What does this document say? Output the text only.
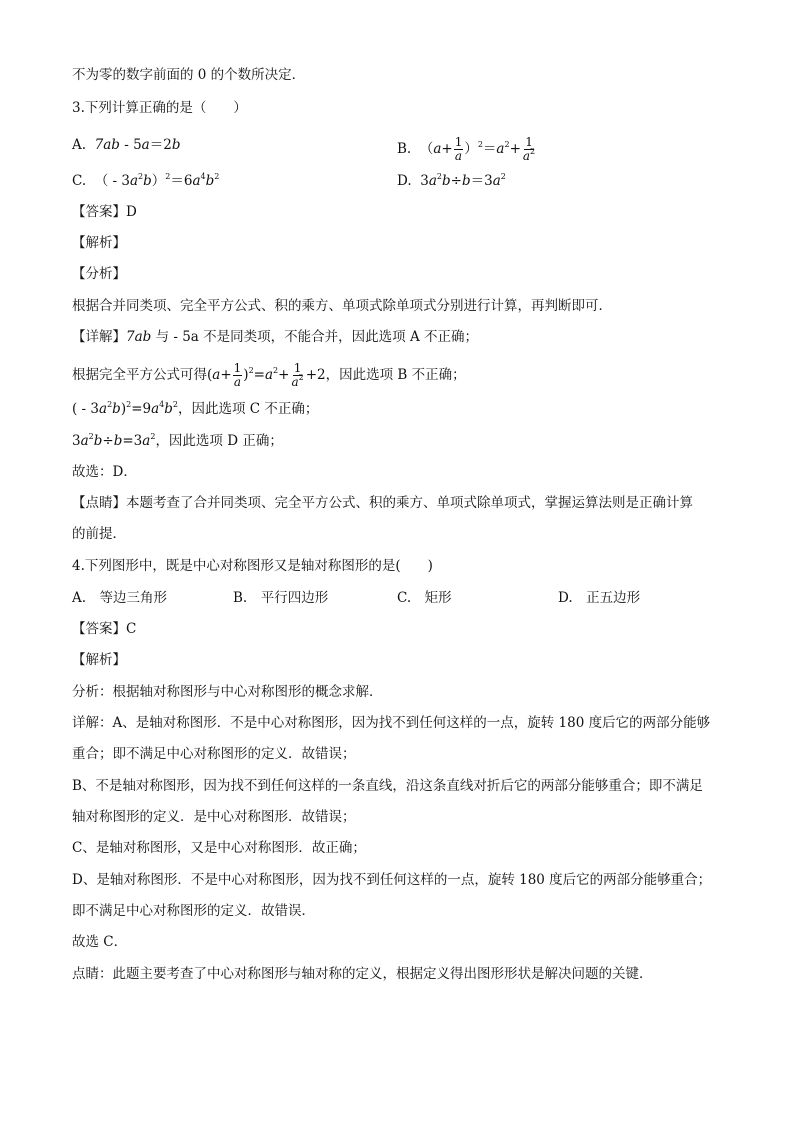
不为零的数字前面的 0 的个数所决定．
3.下列计算正确的是（　　）
A. 7ab - 5a＝2b	B.  $(a+ \frac{1}{a} )^2=a^2+ \frac{1}{a^2}$
C.  （ - $3a^2b)^2=6a^4b^2$	D.  $3a^2b\div b=3a^2$
【答案】D
【解析】
【分析】
根据合并同类项、完全平方公式、积的乘方、单项式除单项式分别进行计算，再判断即可．
【详解】7ab 与 - 5a 不是同类项，不能合并，因此选项 A 不正确；
根据完全平方公式可得$(a+ \frac{1}{a} )^2=a^2+ \frac{1}{a^2} +2$，因此选项 B 不正确；
( - $3a^2b)^2=9a^4b^2$，因此选项 C 不正确；
$3a^2b\div b=3a^2$，因此选项 D 正确；
故选：D．
【点睛】本题考查了合并同类项、完全平方公式、积的乘方、单项式除单项式，掌握运算法则是正确计算
的前提．
4.下列图形中，既是中心对称图形又是轴对称图形的是(　　)
A.　等边三角形	B.　平行四边形	C.　矩形	D.　正五边形
【答案】C
【解析】
分析：根据轴对称图形与中心对称图形的概念求解．
详解：A、是轴对称图形．不是中心对称图形，因为找不到任何这样的一点，旋转 180 度后它的两部分能够
重合；即不满足中心对称图形的定义．故错误；
B、不是轴对称图形，因为找不到任何这样的一条直线，沿这条直线对折后它的两部分能够重合；即不满足
轴对称图形的定义．是中心对称图形．故错误；
C、是轴对称图形，又是中心对称图形．故正确；
D、是轴对称图形．不是中心对称图形，因为找不到任何这样的一点，旋转 180 度后它的两部分能够重合；
即不满足中心对称图形的定义．故错误．
故选 C．
点睛：此题主要考查了中心对称图形与轴对称的定义，根据定义得出图形形状是解决问题的关键．
